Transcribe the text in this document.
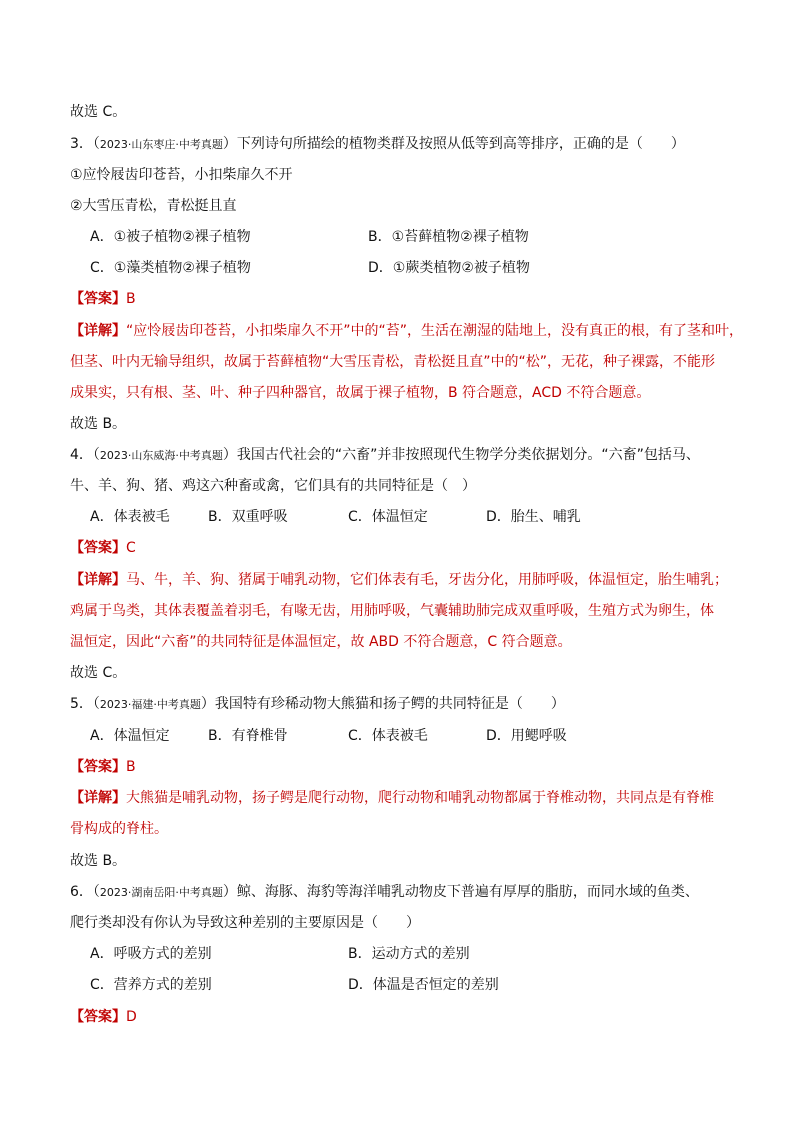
故选 C。
3．（2023·山东枣庄·中考真题）下列诗句所描绘的植物类群及按照从低等到高等排序，正确的是（　　）
①应怜屐齿印苍苔，小扣柴扉久不开
②大雪压青松，青松挺且直
A．①被子植物②裸子植物	B．①苔藓植物②裸子植物
C．①藻类植物②裸子植物	D．①蕨类植物②被子植物
【答案】B
【详解】“应怜屐齿印苍苔，小扣柴扉久不开”中的“苔”，生活在潮湿的陆地上，没有真正的根，有了茎和叶，
但茎、叶内无输导组织，故属于苔藓植物“大雪压青松，青松挺且直”中的“松”，无花，种子裸露，不能形
成果实，只有根、茎、叶、种子四种器官，故属于裸子植物，B 符合题意，ACD 不符合题意。
故选 B。
4．（2023·山东威海·中考真题）我国古代社会的“六畜”并非按照现代生物学分类依据划分。“六畜”包括马、
牛、羊、狗、猪、鸡这六种畜或禽，它们具有的共同特征是（　）
A．体表被毛	B．双重呼吸	C．体温恒定	D．胎生、哺乳
【答案】C
【详解】马、牛，羊、狗、猪属于哺乳动物，它们体表有毛，牙齿分化，用肺呼吸，体温恒定，胎生哺乳；
鸡属于鸟类，其体表覆盖着羽毛，有喙无齿，用肺呼吸，气囊辅助肺完成双重呼吸，生殖方式为卵生，体
温恒定，因此“六畜”的共同特征是体温恒定，故 ABD 不符合题意，C 符合题意。
故选 C。
5．（2023·福建·中考真题）我国特有珍稀动物大熊猫和扬子鳄的共同特征是（　　）
A．体温恒定	B．有脊椎骨	C．体表被毛	D．用鳃呼吸
【答案】B
【详解】大熊猫是哺乳动物，扬子鳄是爬行动物，爬行动物和哺乳动物都属于脊椎动物，共同点是有脊椎
骨构成的脊柱。
故选 B。
6．（2023·湖南岳阳·中考真题）鲸、海豚、海豹等海洋哺乳动物皮下普遍有厚厚的脂肪，而同水域的鱼类、
爬行类却没有你认为导致这种差别的主要原因是（　　）
A．呼吸方式的差别	B．运动方式的差别
C．营养方式的差别	D．体温是否恒定的差别
【答案】D
